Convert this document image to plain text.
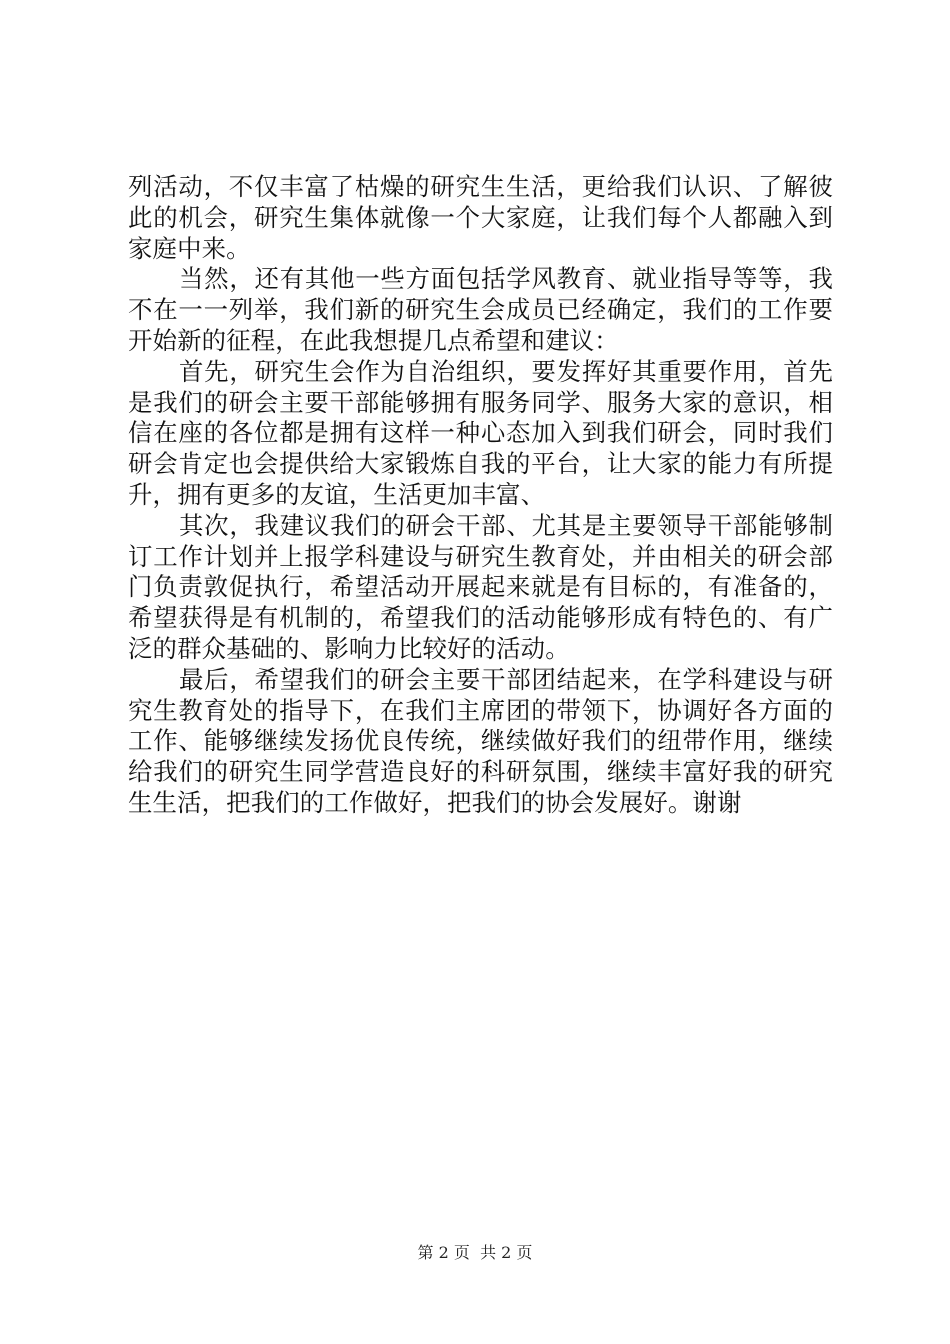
列活动，不仅丰富了枯燥的研究生生活，更给我们认识、了解彼此的机会，研究生集体就像一个大家庭，让我们每个人都融入到家庭中来。

当然，还有其他一些方面包括学风教育、就业指导等等，我不在一一列举，我们新的研究生会成员已经确定，我们的工作要开始新的征程，在此我想提几点希望和建议：

首先，研究生会作为自治组织，要发挥好其重要作用，首先是我们的研会主要干部能够拥有服务同学、服务大家的意识，相信在座的各位都是拥有这样一种心态加入到我们研会，同时我们研会肯定也会提供给大家锻炼自我的平台，让大家的能力有所提升，拥有更多的友谊，生活更加丰富、

其次，我建议我们的研会干部、尤其是主要领导干部能够制订工作计划并上报学科建设与研究生教育处，并由相关的研会部门负责敦促执行，希望活动开展起来就是有目标的，有准备的，希望获得是有机制的，希望我们的活动能够形成有特色的、有广泛的群众基础的、影响力比较好的活动。

最后，希望我们的研会主要干部团结起来，在学科建设与研究生教育处的指导下，在我们主席团的带领下，协调好各方面的工作、能够继续发扬优良传统，继续做好我们的纽带作用，继续给我们的研究生同学营造良好的科研氛围，继续丰富好我的研究生生活，把我们的工作做好，把我们的协会发展好。谢谢

第 2 页  共 2 页
